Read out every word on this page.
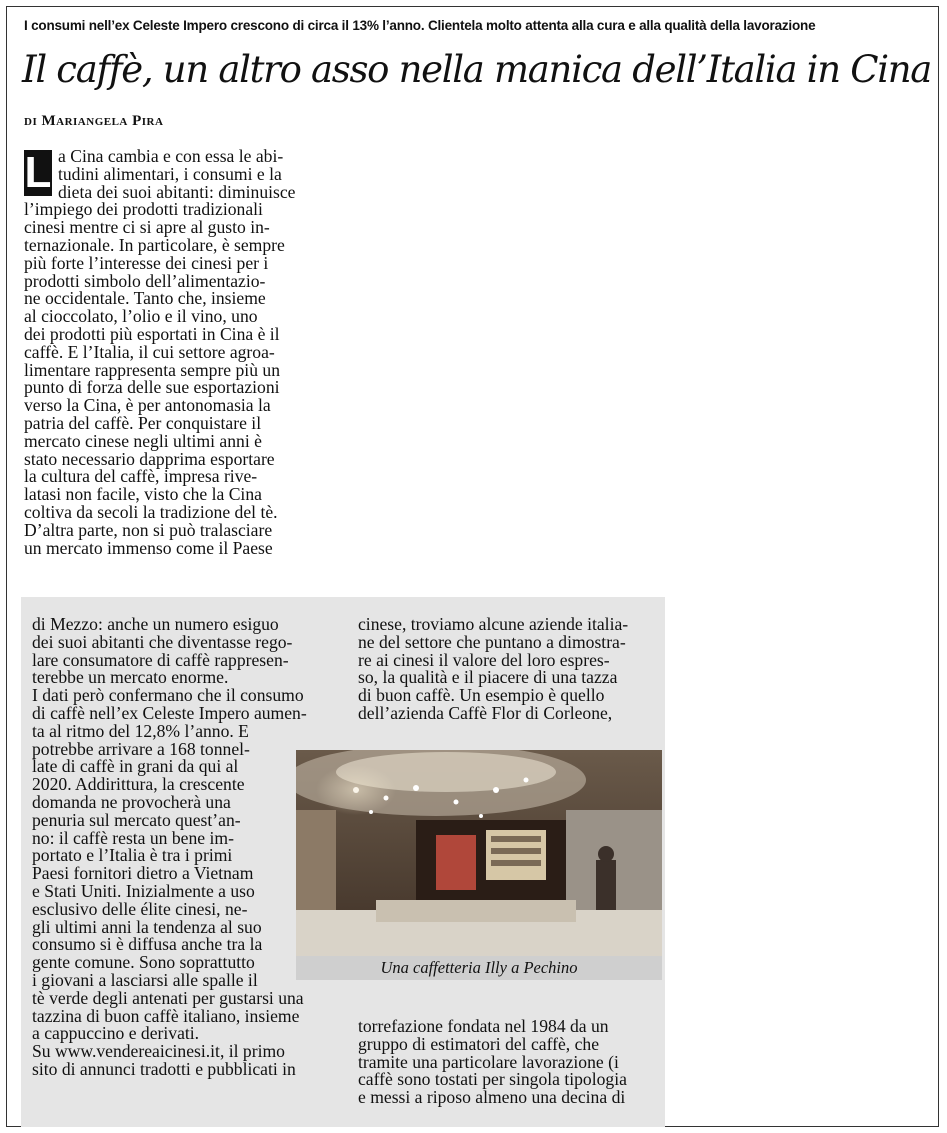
I consumi nell’ex Celeste Impero crescono di circa il 13% l’anno. Clientela molto attenta alla cura e alla qualità della lavorazione
Il caffè, un altro asso nella manica dell’Italia in Cina
di Mariangela Pira
L a Cina cambia e con essa le abi-
tudini alimentari, i consumi e la
dieta dei suoi abitanti: diminuisce
l’impiego dei prodotti tradizionali
cinesi mentre ci si apre al gusto in-
ternazionale. In particolare, è sempre
più forte l’interesse dei cinesi per i
prodotti simbolo dell’alimentazio-
ne occidentale. Tanto che, insieme
al cioccolato, l’olio e il vino, uno
dei prodotti più esportati in Cina è il
caffè. E l’Italia, il cui settore agroa-
limentare rappresenta sempre più un
punto di forza delle sue esportazioni
verso la Cina, è per antonomasia la
patria del caffè. Per conquistare il
mercato cinese negli ultimi anni è
stato necessario dapprima esportare
la cultura del caffè, impresa rive-
latasi non facile, visto che la Cina
coltiva da secoli la tradizione del tè.
D’altra parte, non si può tralasciare
un mercato immenso come il Paese
di Mezzo: anche un numero esiguo
dei suoi abitanti che diventasse rego-
lare consumatore di caffè rappresen-
terebbe un mercato enorme.
I dati però confermano che il consumo
di caffè nell’ex Celeste Impero aumen-
ta al ritmo del 12,8% l’anno. E
potrebbe arrivare a 168 tonnel-
late di caffè in grani da qui al
2020. Addirittura, la crescente
domanda ne provocherà una
penuria sul mercato quest’an-
no: il caffè resta un bene im-
portato e l’Italia è tra i primi
Paesi fornitori dietro a Vietnam
e Stati Uniti. Inizialmente a uso
esclusivo delle élite cinesi, ne-
gli ultimi anni la tendenza al suo
consumo si è diffusa anche tra la
gente comune. Sono soprattutto
i giovani a lasciarsi alle spalle il
tè verde degli antenati per gustarsi una
tazzina di buon caffè italiano, insieme
a cappuccino e derivati.
Su www.vendereaicinesi.it, il primo
sito di annunci tradotti e pubblicati in
cinese, troviamo alcune aziende italia-
ne del settore che puntano a dimostra-
re ai cinesi il valore del loro espres-
so, la qualità e il piacere di una tazza
di buon caffè. Un esempio è quello
dell’azienda Caffè Flor di Corleone,
torrefazione fondata nel 1984 da un
gruppo di estimatori del caffè, che
tramite una particolare lavorazione (i
caffè sono tostati per singola tipologia
e messi a riposo almeno una decina di
Una caffetteria Illy a Pechino
